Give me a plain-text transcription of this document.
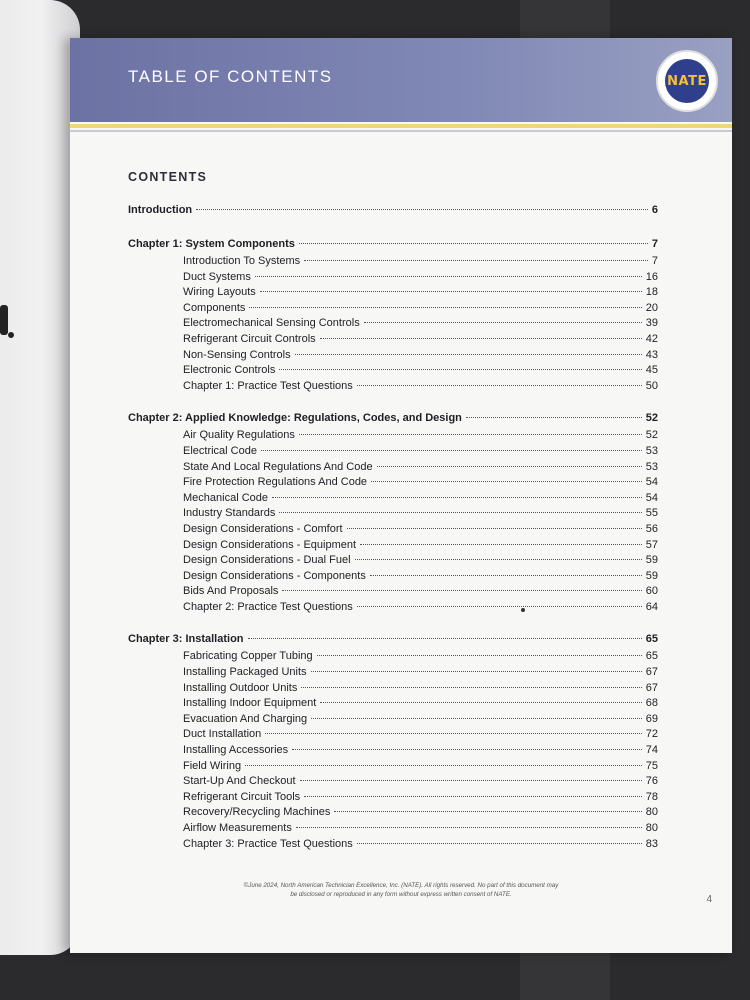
TABLE OF CONTENTS	NATE
CONTENTS
Introduction	6
Chapter 1: System Components	7
Introduction To Systems	7
Duct Systems	16
Wiring Layouts	18
Components	20
Electromechanical Sensing Controls	39
Refrigerant Circuit Controls	42
Non-Sensing Controls	43
Electronic Controls	45
Chapter 1: Practice Test Questions	50
Chapter 2: Applied Knowledge: Regulations, Codes, and Design	52
Air Quality Regulations	52
Electrical Code	53
State And Local Regulations And Code	53
Fire Protection Regulations And Code	54
Mechanical Code	54
Industry Standards	55
Design Considerations - Comfort	56
Design Considerations - Equipment	57
Design Considerations - Dual Fuel	59
Design Considerations - Components	59
Bids And Proposals	60
Chapter 2: Practice Test Questions	64
Chapter 3: Installation	65
Fabricating Copper Tubing	65
Installing Packaged Units	67
Installing Outdoor Units	67
Installing Indoor Equipment	68
Evacuation And Charging	69
Duct Installation	72
Installing Accessories	74
Field Wiring	75
Start-Up And Checkout	76
Refrigerant Circuit Tools	78
Recovery/Recycling Machines	80
Airflow Measurements	80
Chapter 3: Practice Test Questions	83
©June 2024, North American Technician Excellence, Inc. (NATE). All rights reserved. No part of this document may
be disclosed or reproduced in any form without express written consent of NATE.	4
